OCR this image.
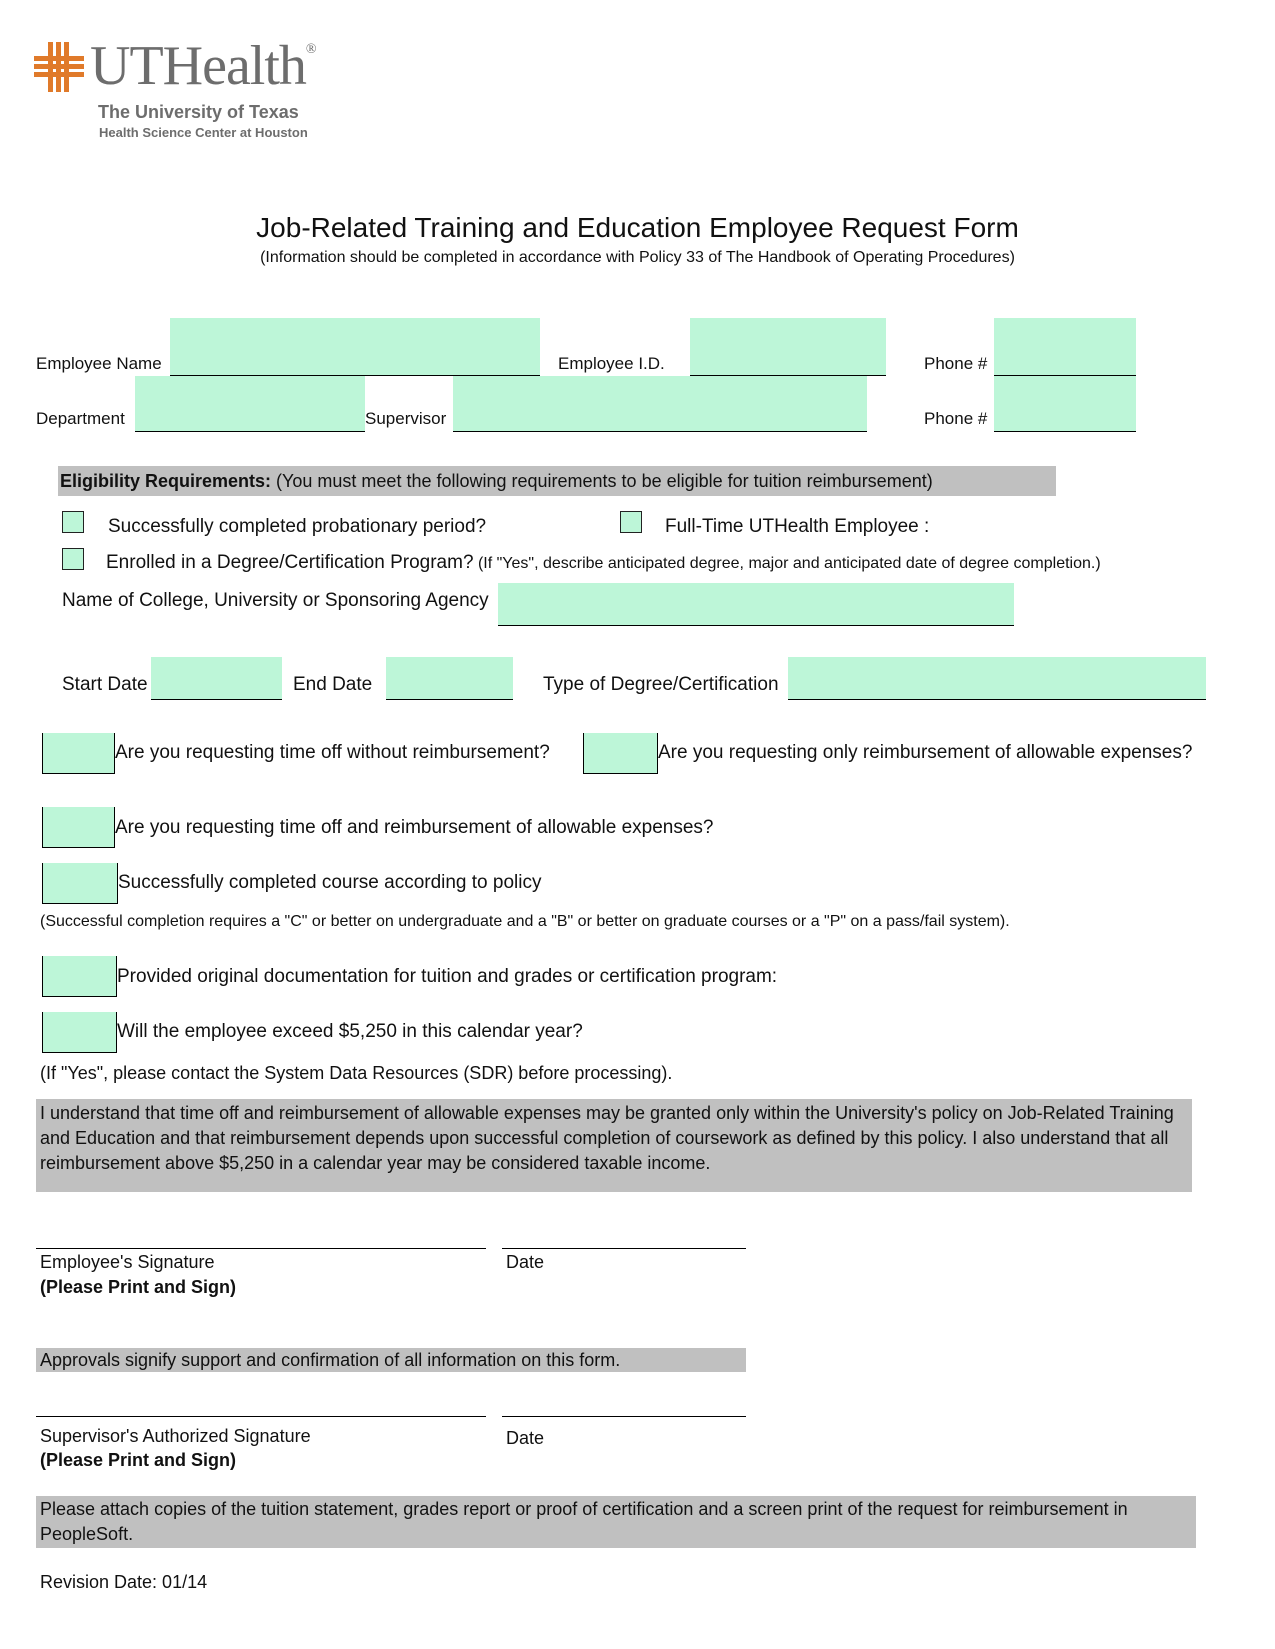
UTHealth®
The University of Texas
Health Science Center at Houston
Job-Related Training and Education Employee Request Form
(Information should be completed in accordance with Policy 33 of The Handbook of Operating Procedures)
Employee Name	Employee I.D.	Phone #
Department	Supervisor	Phone #
Eligibility Requirements: (You must meet the following requirements to be eligible for tuition reimbursement)
Successfully completed probationary period?	Full-Time UTHealth Employee :
Enrolled in a Degree/Certification Program? (If "Yes", describe anticipated degree, major and anticipated date of degree completion.)
Name of College, University or Sponsoring Agency
Start Date	End Date	Type of Degree/Certification
Are you requesting time off without reimbursement?	Are you requesting only reimbursement of allowable expenses?
Are you requesting time off and reimbursement of allowable expenses?
Successfully completed course according to policy
(Successful completion requires a "C" or better on undergraduate and a "B" or better on graduate courses or a "P" on a pass/fail system).
Provided original documentation for tuition and grades or certification program:
Will the employee exceed $5,250 in this calendar year?
(If "Yes", please contact the System Data Resources (SDR) before processing).
I understand that time off and reimbursement of allowable expenses may be granted only within the University's policy on Job-Related Training and Education and that reimbursement depends upon successful completion of coursework as defined by this policy. I also understand that all reimbursement above $5,250 in a calendar year may be considered taxable income.
Employee's Signature
(Please Print and Sign)
Date
Approvals signify support and confirmation of all information on this form.
Supervisor's Authorized Signature
(Please Print and Sign)
Date
Please attach copies of the tuition statement, grades report or proof of certification and a screen print of the request for reimbursement in PeopleSoft.
Revision Date: 01/14
